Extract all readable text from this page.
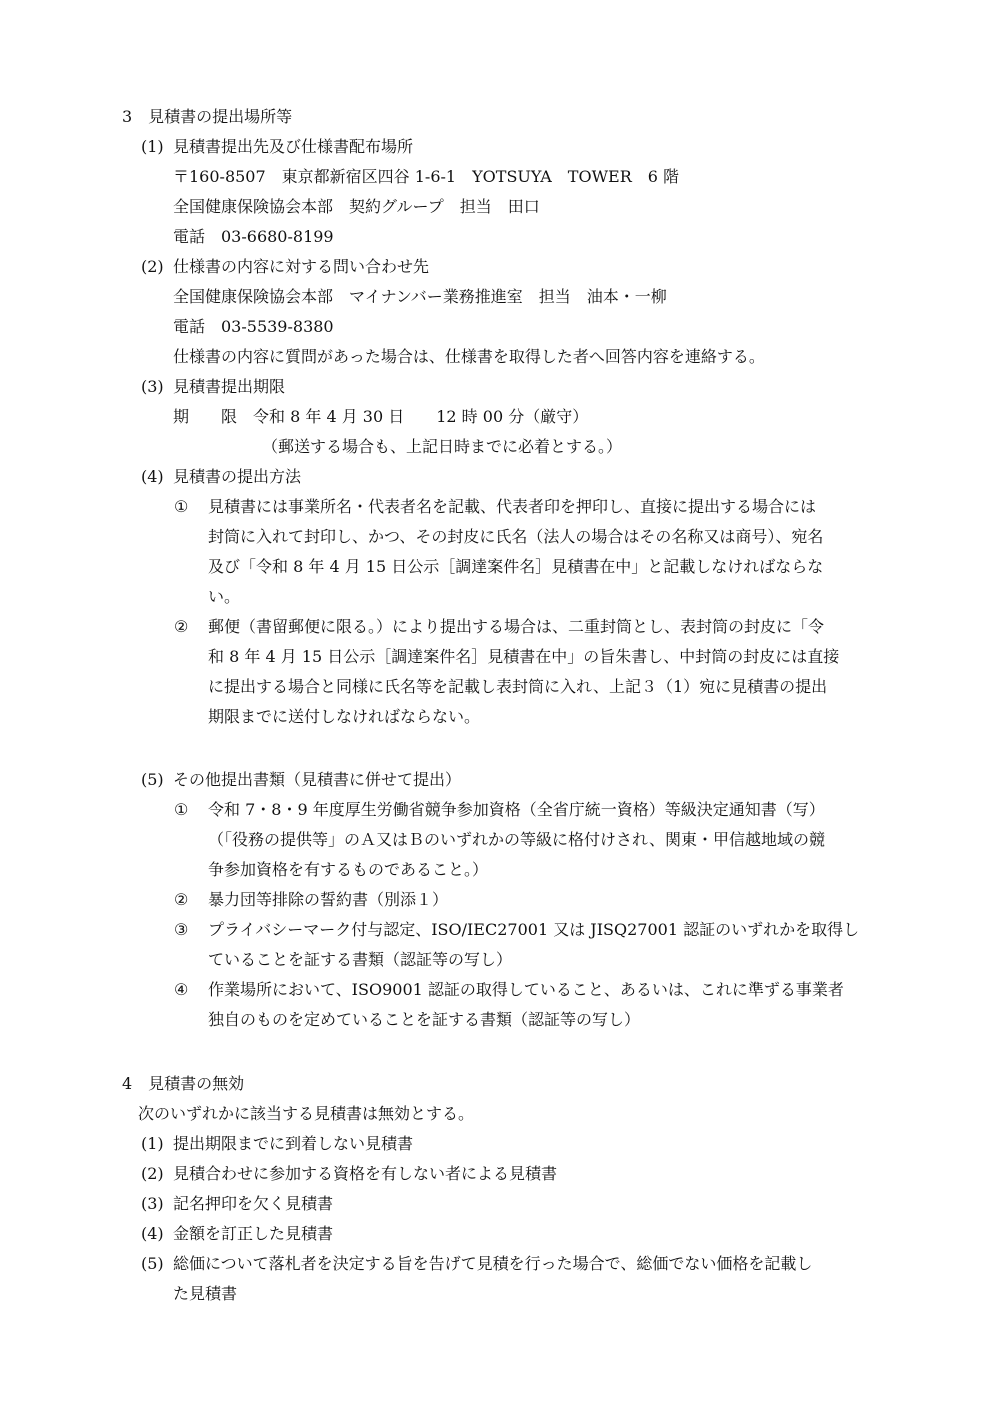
3　見積書の提出場所等
(1) 見積書提出先及び仕様書配布場所
〒160-8507　東京都新宿区四谷 1-6-1　YOTSUYA　TOWER　6 階
全国健康保険協会本部　契約グループ　担当　田口
電話　03-6680-8199
(2) 仕様書の内容に対する問い合わせ先
全国健康保険協会本部　マイナンバー業務推進室　担当　油本・一柳
電話　03-5539-8380
仕様書の内容に質問があった場合は、仕様書を取得した者へ回答内容を連絡する。
(3) 見積書提出期限
期　　限　令和 8 年 4 月 30 日　　12 時 00 分（厳守）
（郵送する場合も、上記日時までに必着とする。）
(4) 見積書の提出方法
① 見積書には事業所名・代表者名を記載、代表者印を押印し、直接に提出する場合には
封筒に入れて封印し、かつ、その封皮に氏名（法人の場合はその名称又は商号）、宛名
及び「令和 8 年 4 月 15 日公示［調達案件名］見積書在中」と記載しなければならな
い。
② 郵便（書留郵便に限る。）により提出する場合は、二重封筒とし、表封筒の封皮に「令
和 8 年 4 月 15 日公示［調達案件名］見積書在中」の旨朱書し、中封筒の封皮には直接
に提出する場合と同様に氏名等を記載し表封筒に入れ、上記３（1）宛に見積書の提出
期限までに送付しなければならない。
(5) その他提出書類（見積書に併せて提出）
① 令和 7・8・9 年度厚生労働省競争参加資格（全省庁統一資格）等級決定通知書（写）
（「役務の提供等」のＡ又はＢのいずれかの等級に格付けされ、関東・甲信越地域の競
争参加資格を有するものであること。）
② 暴力団等排除の誓約書（別添１）
③ プライバシーマーク付与認定、ISO/IEC27001 又は JISQ27001 認証のいずれかを取得し
ていることを証する書類（認証等の写し）
④ 作業場所において、ISO9001 認証の取得していること、あるいは、これに準ずる事業者
独自のものを定めていることを証する書類（認証等の写し）
4　見積書の無効
次のいずれかに該当する見積書は無効とする。
(1) 提出期限までに到着しない見積書
(2) 見積合わせに参加する資格を有しない者による見積書
(3) 記名押印を欠く見積書
(4) 金額を訂正した見積書
(5) 総価について落札者を決定する旨を告げて見積を行った場合で、総価でない価格を記載し
た見積書
